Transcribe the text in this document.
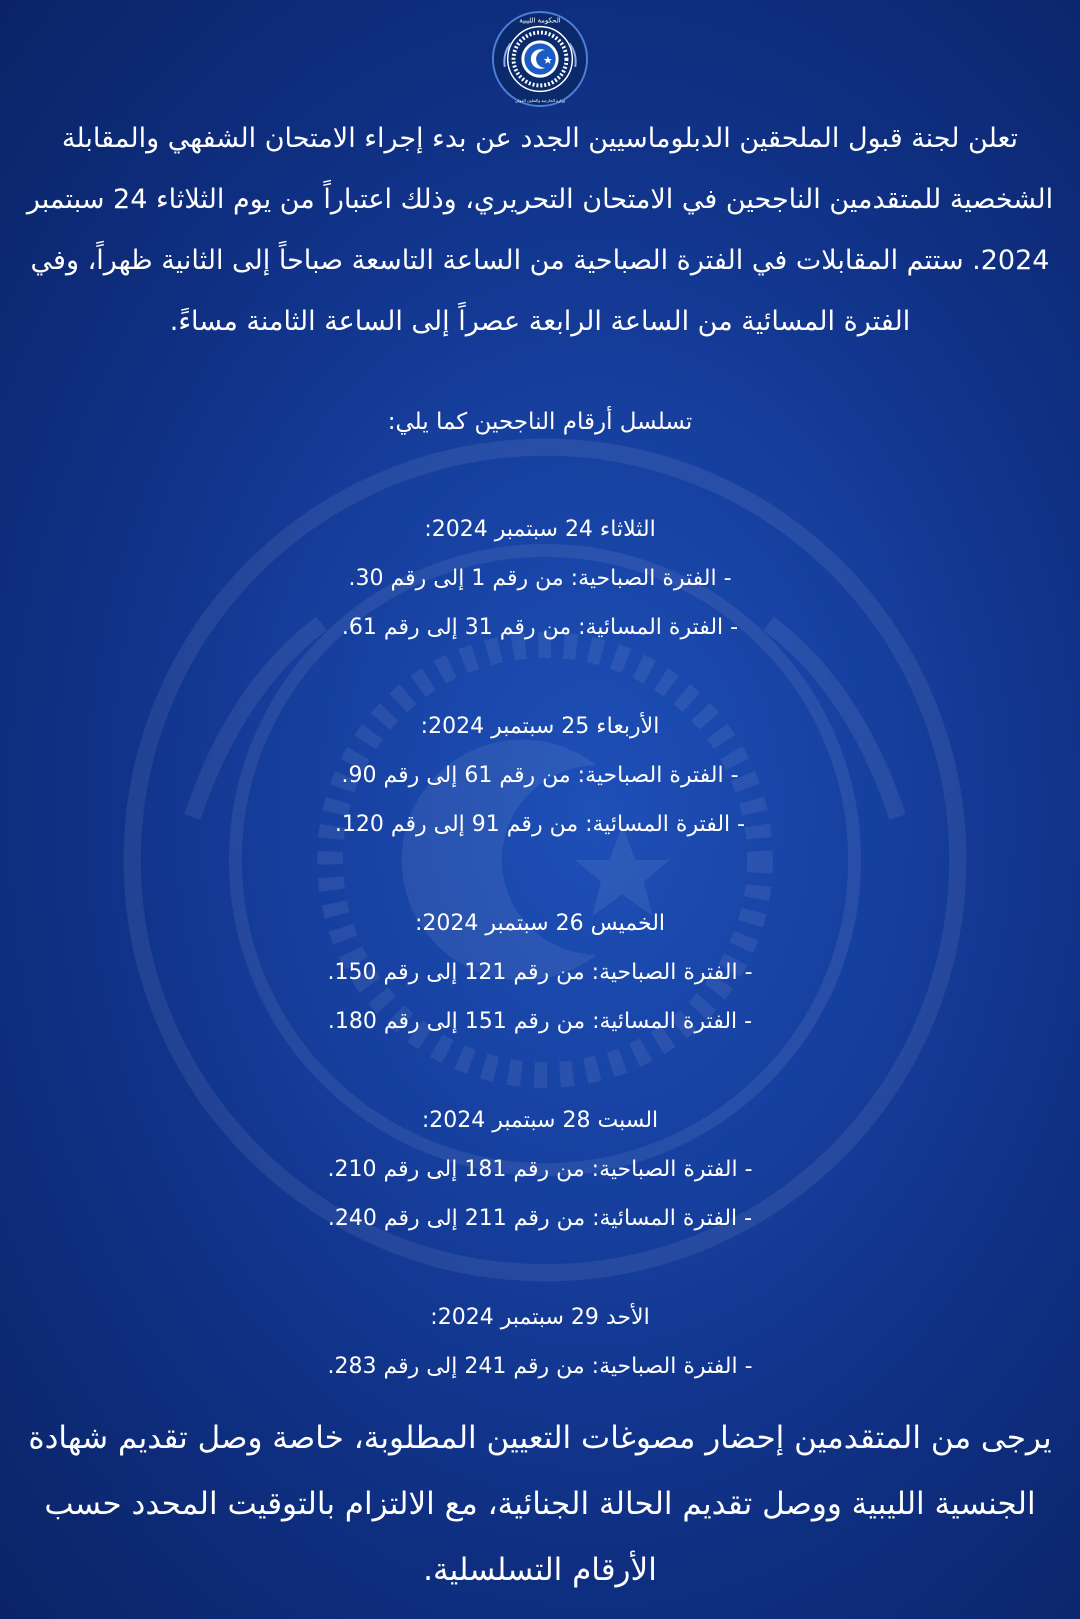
الحكومة الليبية
وزارة الخارجية والتعاون الدولي

تعلن لجنة قبول الملحقين الدبلوماسيين الجدد عن بدء إجراء الامتحان الشفهي والمقابلة الشخصية للمتقدمين الناجحين في الامتحان التحريري، وذلك اعتباراً من يوم الثلاثاء 24 سبتمبر 2024. ستتم المقابلات في الفترة الصباحية من الساعة التاسعة صباحاً إلى الثانية ظهراً، وفي الفترة المسائية من الساعة الرابعة عصراً إلى الساعة الثامنة مساءً.

تسلسل أرقام الناجحين كما يلي:

الثلاثاء 24 سبتمبر 2024:
- الفترة الصباحية: من رقم 1 إلى رقم 30.
- الفترة المسائية: من رقم 31 إلى رقم 61.
الأربعاء 25 سبتمبر 2024:
- الفترة الصباحية: من رقم 61 إلى رقم 90.
- الفترة المسائية: من رقم 91 إلى رقم 120.
الخميس 26 سبتمبر 2024:
- الفترة الصباحية: من رقم 121 إلى رقم 150.
- الفترة المسائية: من رقم 151 إلى رقم 180.
السبت 28 سبتمبر 2024:
- الفترة الصباحية: من رقم 181 إلى رقم 210.
- الفترة المسائية: من رقم 211 إلى رقم 240.
الأحد 29 سبتمبر 2024:
- الفترة الصباحية: من رقم 241 إلى رقم 283.

يرجى من المتقدمين إحضار مصوغات التعيين المطلوبة، خاصة وصل تقديم شهادة الجنسية الليبية ووصل تقديم الحالة الجنائية، مع الالتزام بالتوقيت المحدد حسب الأرقام التسلسلية.
